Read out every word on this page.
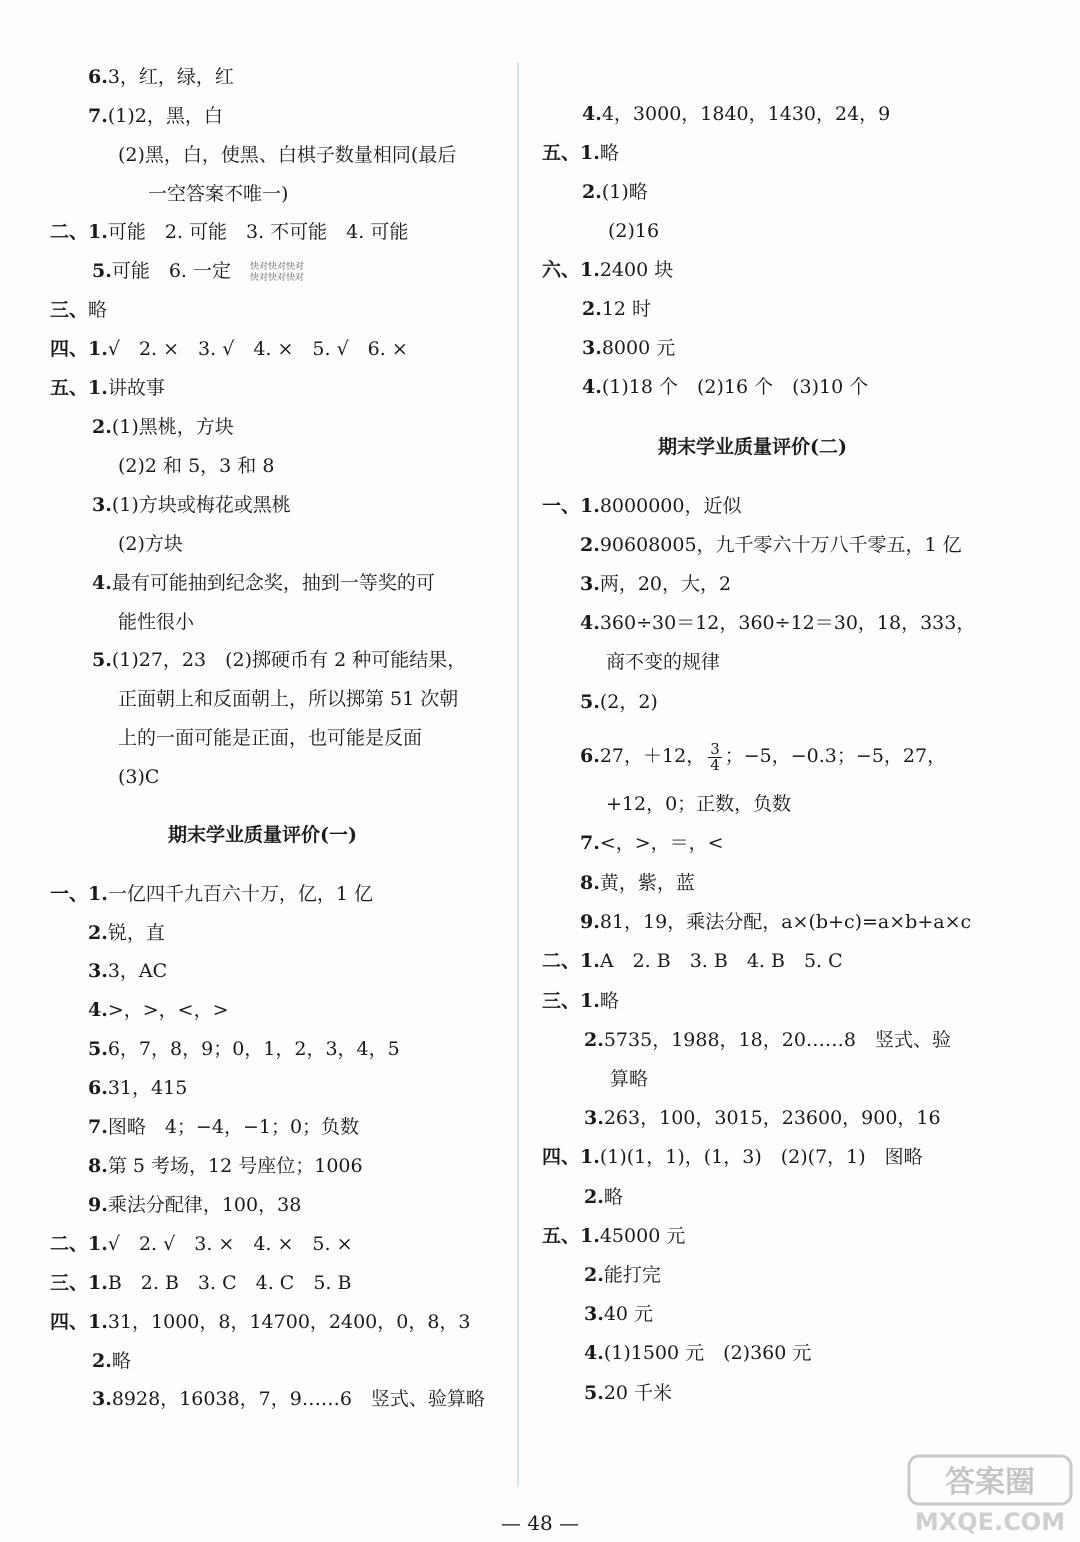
6.3，红，绿，红
7.(1)2，黑，白
(2)黑，白，使黑、白棋子数量相同(最后
一空答案不唯一)
二、1.可能　2. 可能　3. 不可能　4. 可能
5.可能　6. 一定
三、略
四、1.√　2. ×　3. √　4. ×　5. √　6. ×
五、1.讲故事
2.(1)黑桃，方块
(2)2 和 5，3 和 8
3.(1)方块或梅花或黑桃
(2)方块
4.最有可能抽到纪念奖，抽到一等奖的可
能性很小
5.(1)27，23　(2)掷硬币有 2 种可能结果，
正面朝上和反面朝上，所以掷第 51 次朝
上的一面可能是正面，也可能是反面
(3)C
期末学业质量评价(一)
一、1.一亿四千九百六十万，亿，1 亿
2.锐，直
3.3，AC
4.>，>，<，>
5.6，7，8，9；0，1，2，3，4，5
6.31，415
7.图略　4；−4，−1；0；负数
8.第 5 考场，12 号座位；1006
9.乘法分配律，100，38
二、1.√　2. √　3. ×　4. ×　5. ×
三、1.B　2. B　3. C　4. C　5. B
四、1.31，1000，8，14700，2400，0，8，3
2.略
3.8928，16038，7，9……6　竖式、验算略
快对快对快对
快对快对快对
4.4，3000，1840，1430，24，9
五、1.略
2.(1)略
(2)16
六、1.2400 块
2.12 时
3.8000 元
4.(1)18 个　(2)16 个　(3)10 个
期末学业质量评价(二)
一、1.8000000，近似
2.90608005，九千零六十万八千零五，1 亿
3.两，20，大，2
4.360÷30＝12，360÷12＝30，18，333，
商不变的规律
5.(2，2)
6.27，＋12， $\frac{3}{4}$ ；−5，−0.3；−5，27，
+12，0；正数，负数
7.<，>，＝，<
8.黄，紫，蓝
9.81，19，乘法分配，a×(b+c)=a×b+a×c
二、1.A　2. B　3. B　4. B　5. C
三、1.略
2.5735，1988，18，20……8　竖式、验
算略
3.263，100，3015，23600，900，16
四、1.(1)(1，1)，(1，3)　(2)(7，1)　图略
2.略
五、1.45000 元
2.能打完
3.40 元
4.(1)1500 元　(2)360 元
5.20 千米
— 48 —
答案圈
MXQE.COM
